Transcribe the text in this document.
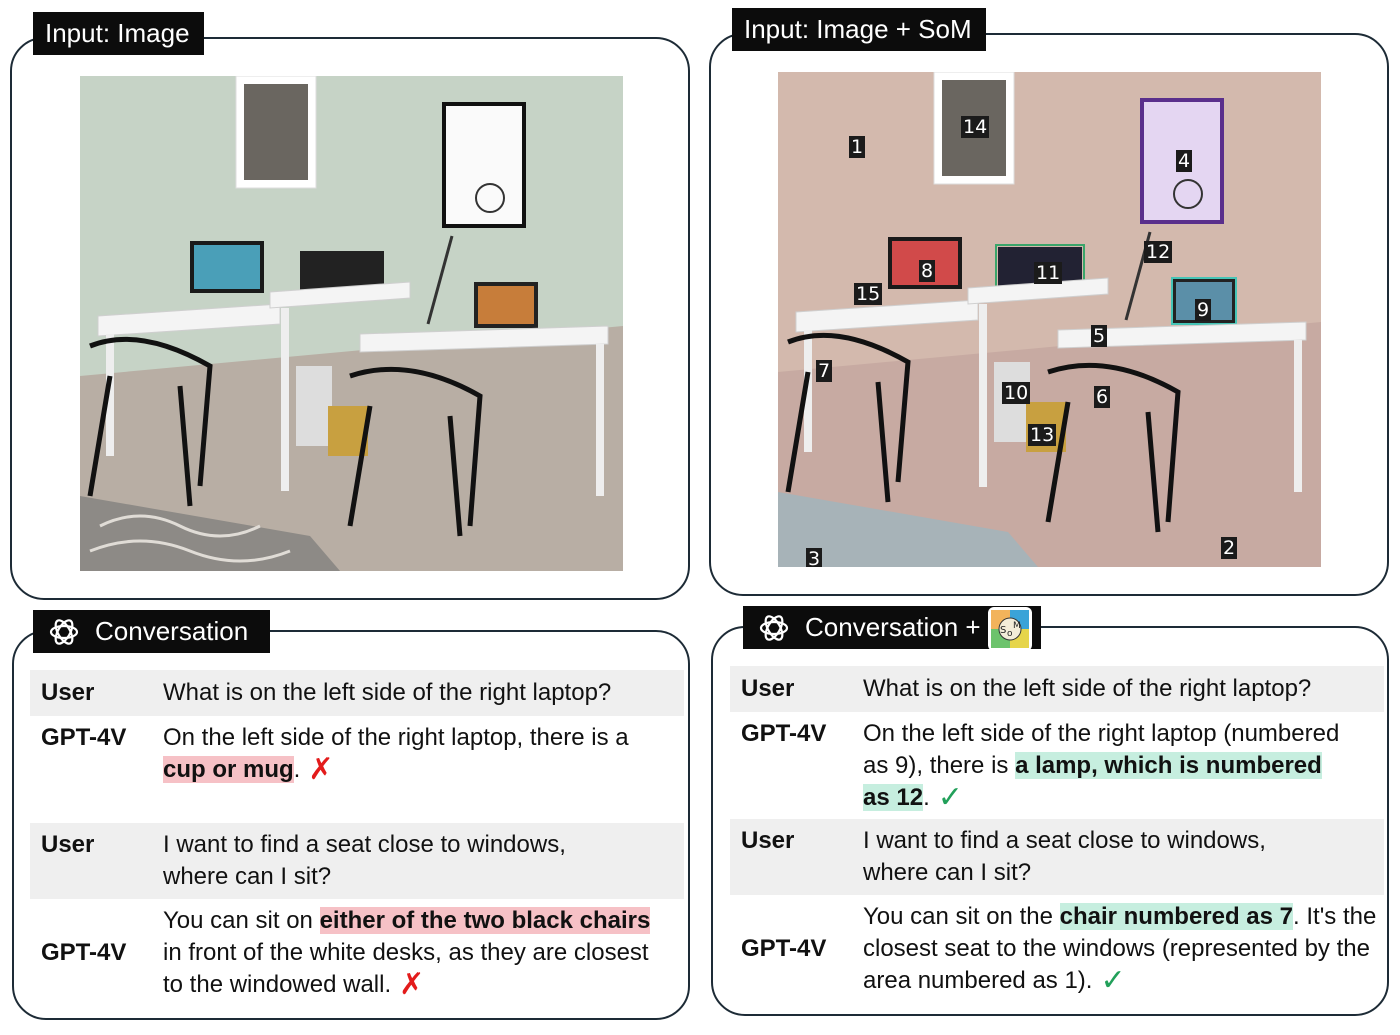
Input: Image	Input: Image + SoM
1
2
3
4
5
6
7
8
9
10
11
12
13
14
15
Conversation
User	What is on the left side of the right laptop?
GPT-4V On the left side of the right laptop, there is a cup or mug. ✗
User	I want to find a seat close to windows, where can I sit?
GPT-4V
You can sit on either of the two black chairs in front of the white desks, as they are closest to the windowed wall. ✗
Conversation + S o
M
User	What is on the left side of the right laptop?
GPT-4V On the left side of the right laptop (numbered as 9), there is a lamp, which is numbered as 12. ✓
User	I want to find a seat close to windows, where can I sit?
GPT-4V
You can sit on the chair numbered as 7. It's the closest seat to the windows (represented by the area numbered as 1). ✓
